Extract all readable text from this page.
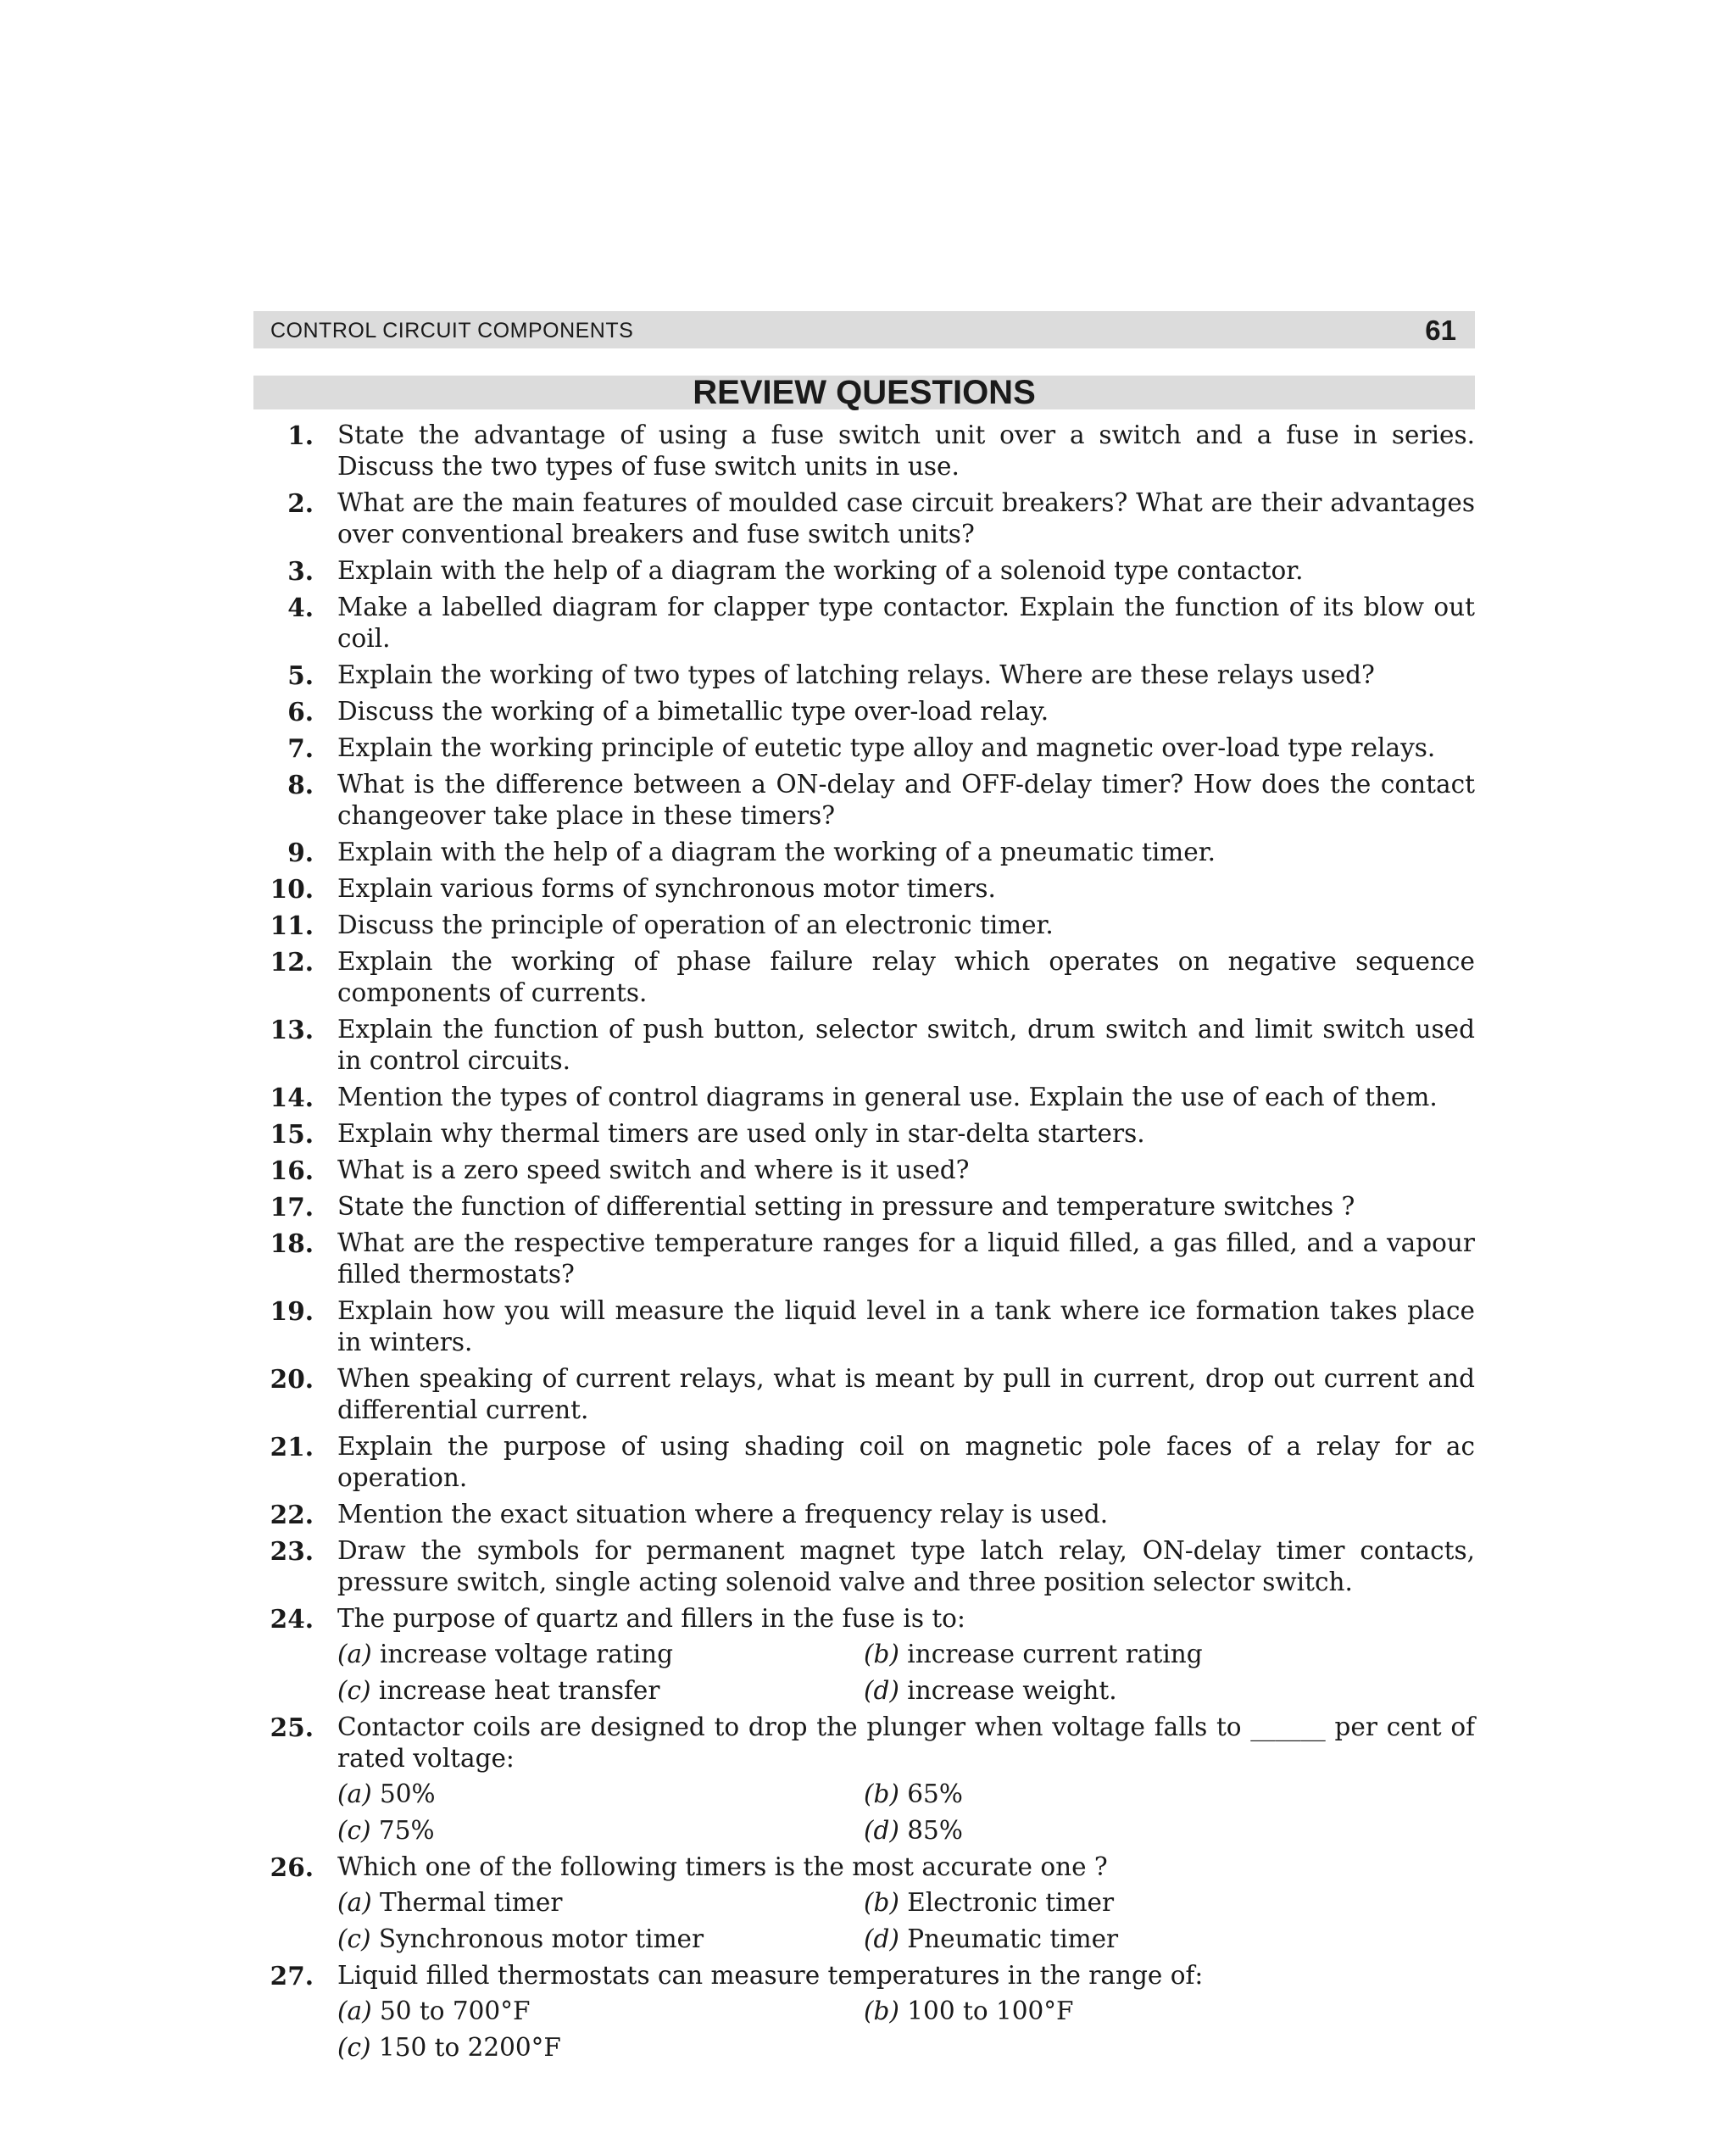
CONTROL CIRCUIT COMPONENTS	61
REVIEW QUESTIONS
1. State the advantage of using a fuse switch unit over a switch and a fuse in series. Discuss the two types of fuse switch units in use.
2. What are the main features of moulded case circuit breakers? What are their advantages over conventional breakers and fuse switch units?
3. Explain with the help of a diagram the working of a solenoid type contactor.
4. Make a labelled diagram for clapper type contactor. Explain the function of its blow out coil.
5. Explain the working of two types of latching relays. Where are these relays used?
6. Discuss the working of a bimetallic type over-load relay.
7. Explain the working principle of eutetic type alloy and magnetic over-load type relays.
8. What is the difference between a ON-delay and OFF-delay timer? How does the contact changeover take place in these timers?
9. Explain with the help of a diagram the working of a pneumatic timer.
10. Explain various forms of synchronous motor timers.
11. Discuss the principle of operation of an electronic timer.
12. Explain the working of phase failure relay which operates on negative sequence components of currents.
13. Explain the function of push button, selector switch, drum switch and limit switch used in control circuits.
14. Mention the types of control diagrams in general use. Explain the use of each of them.
15. Explain why thermal timers are used only in star-delta starters.
16. What is a zero speed switch and where is it used?
17. State the function of differential setting in pressure and temperature switches ?
18. What are the respective temperature ranges for a liquid filled, a gas filled, and a vapour filled thermostats?
19. Explain how you will measure the liquid level in a tank where ice formation takes place in winters.
20. When speaking of current relays, what is meant by pull in current, drop out current and differential current.
21. Explain the purpose of using shading coil on magnetic pole faces of a relay for ac operation.
22. Mention the exact situation where a frequency relay is used.
23. Draw the symbols for permanent magnet type latch relay, ON-delay timer contacts, pressure switch, single acting solenoid valve and three position selector switch.
24. The purpose of quartz and fillers in the fuse is to:
(a) increase voltage rating	(b) increase current rating
(c) increase heat transfer	(d) increase weight.
25. Contactor coils are designed to drop the plunger when voltage falls to ______ per cent of rated voltage:
(a) 50%	(b) 65%
(c) 75%	(d) 85%
26. Which one of the following timers is the most accurate one ?
(a) Thermal timer	(b) Electronic timer
(c) Synchronous motor timer	(d) Pneumatic timer
27. Liquid filled thermostats can measure temperatures in the range of:
(a) 50 to 700°F	(b) 100 to 100°F
(c) 150 to 2200°F
